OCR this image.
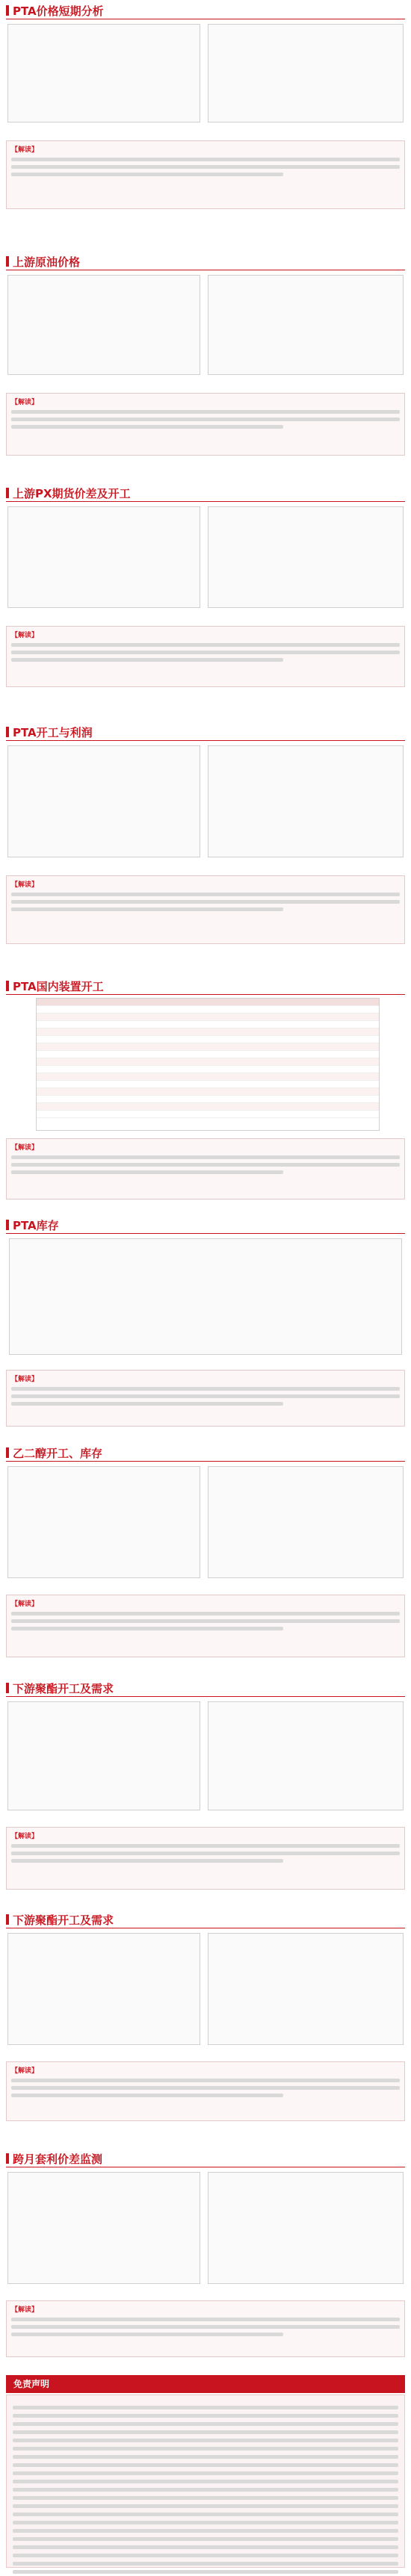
PTA价格短期分析
【解读】
上游原油价格
【解读】
上游PX期货价差及开工
【解读】
PTA开工与利润
【解读】
PTA国内装置开工
【解读】
PTA库存
【解读】
乙二醇开工、库存
【解读】
下游聚酯开工及需求
【解读】
下游聚酯开工及需求
【解读】
跨月套利价差监测
【解读】
免责声明
